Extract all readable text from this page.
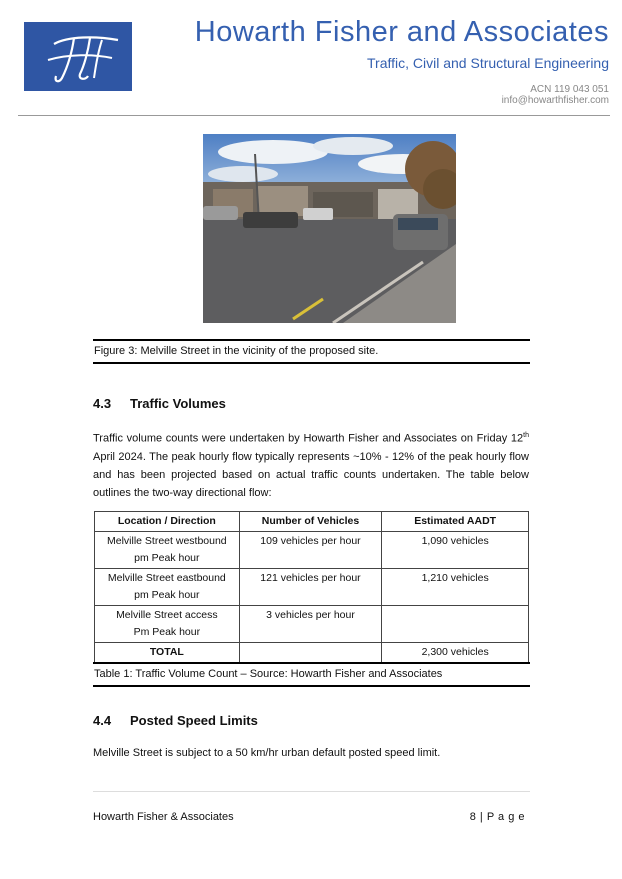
Howarth Fisher and Associates
Traffic, Civil and Structural Engineering
ACN 119 043 051
info@howarthfisher.com
Figure 3: Melville Street in the vicinity of the proposed site.
4.3 Traffic Volumes
Traffic volume counts were undertaken by Howarth Fisher and Associates on Friday 12th April 2024. The peak hourly flow typically represents ~10% - 12% of the peak hourly flow and has been projected based on actual traffic counts undertaken. The table below outlines the two-way directional flow:
Location / Direction	Number of Vehicles	Estimated AADT
Melville Street westbound
pm Peak hour	109 vehicles per hour	1,090 vehicles
Melville Street eastbound
pm Peak hour	121 vehicles per hour	1,210 vehicles
Melville Street access
Pm Peak hour	3 vehicles per hour	
TOTAL		2,300 vehicles
Table 1: Traffic Volume Count – Source: Howarth Fisher and Associates
4.4 Posted Speed Limits
Melville Street is subject to a 50 km/hr urban default posted speed limit.
Howarth Fisher & Associates	8 | P a g e
